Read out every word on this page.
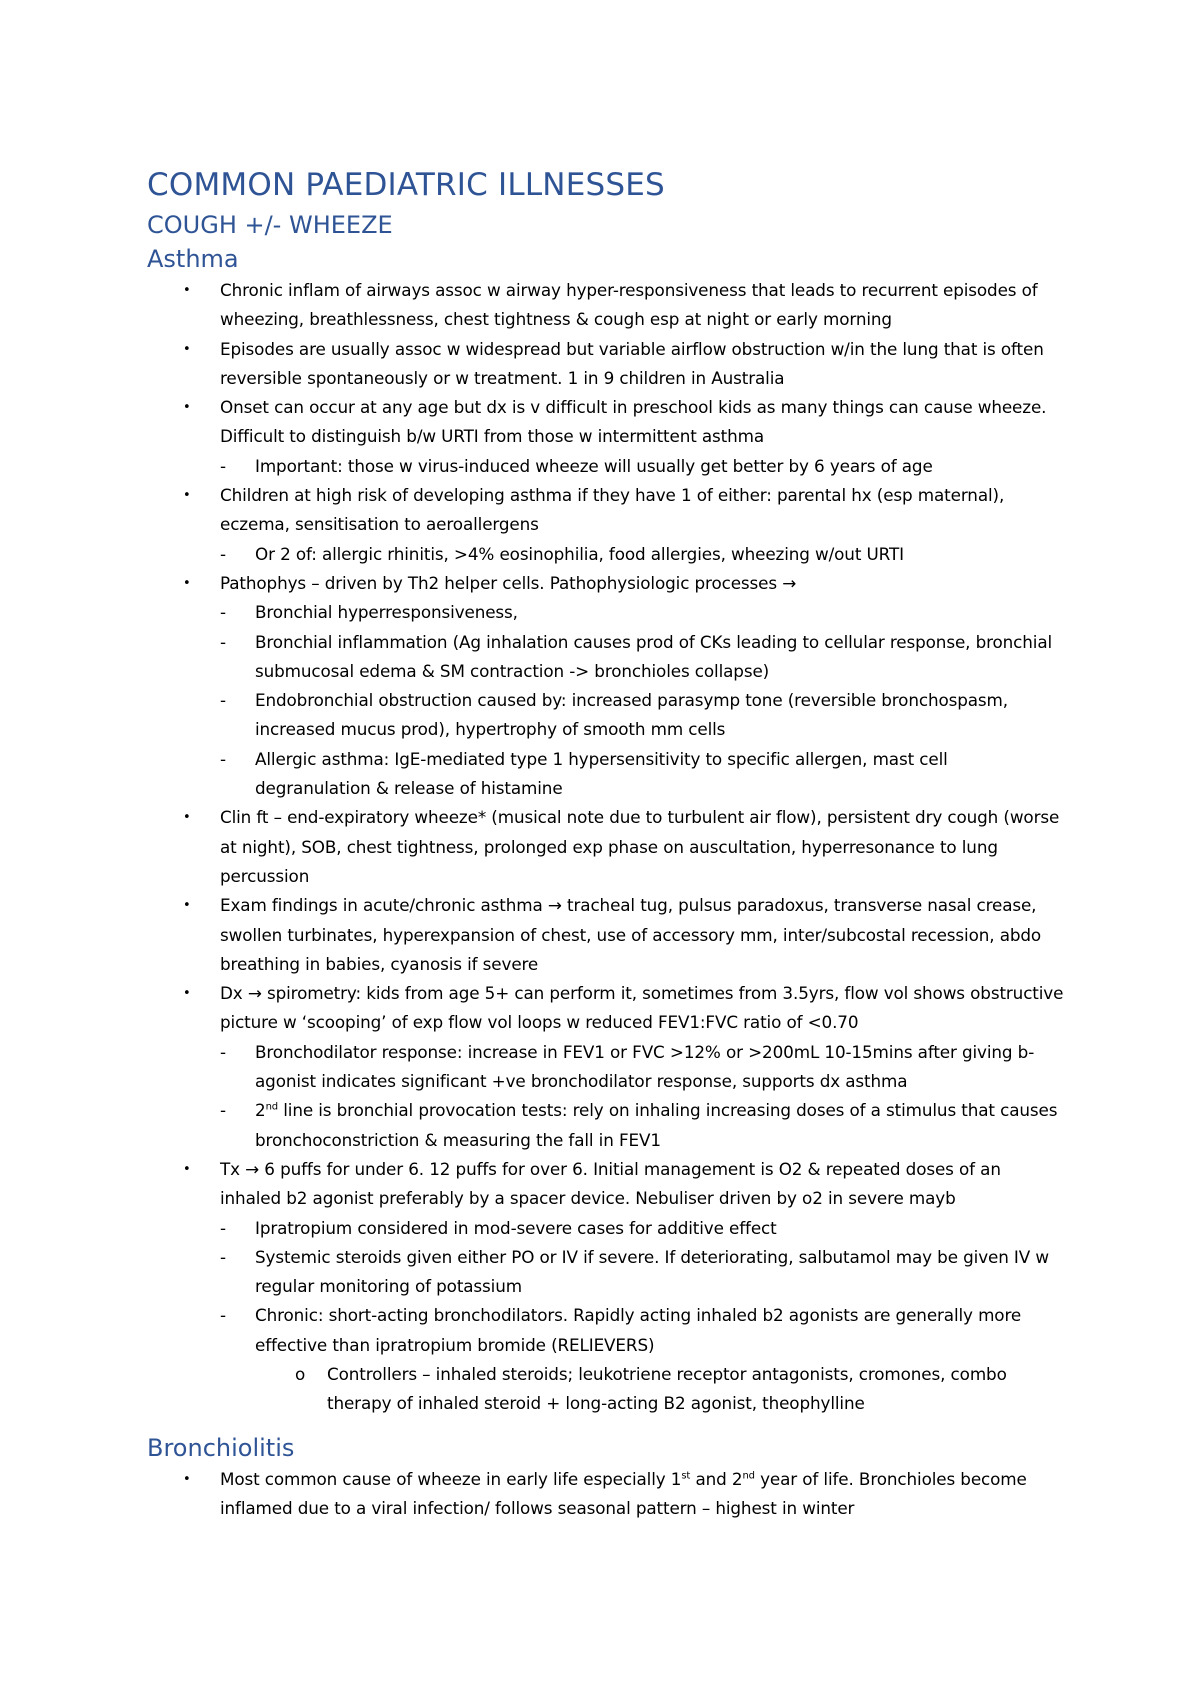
COMMON PAEDIATRIC ILLNESSES
COUGH +/- WHEEZE
Asthma
•	Chronic inflam of airways assoc w airway hyper-responsiveness that leads to recurrent episodes of wheezing, breathlessness, chest tightness & cough esp at night or early morning
•	Episodes are usually assoc w widespread but variable airflow obstruction w/in the lung that is often reversible spontaneously or w treatment. 1 in 9 children in Australia
•	Onset can occur at any age but dx is v difficult in preschool kids as many things can cause wheeze. Difficult to distinguish b/w URTI from those w intermittent asthma
- Important: those w virus-induced wheeze will usually get better by 6 years of age
•	Children at high risk of developing asthma if they have 1 of either: parental hx (esp maternal), eczema, sensitisation to aeroallergens
- Or 2 of: allergic rhinitis, >4% eosinophilia, food allergies, wheezing w/out URTI
•	Pathophys – driven by Th2 helper cells. Pathophysiologic processes →
- Bronchial hyperresponsiveness,
- Bronchial inflammation (Ag inhalation causes prod of CKs leading to cellular response, bronchial submucosal edema & SM contraction -> bronchioles collapse)
- Endobronchial obstruction caused by: increased parasymp tone (reversible bronchospasm, increased mucus prod), hypertrophy of smooth mm cells
- Allergic asthma: IgE-mediated type 1 hypersensitivity to specific allergen, mast cell degranulation & release of histamine
•	Clin ft – end-expiratory wheeze* (musical note due to turbulent air flow), persistent dry cough (worse at night), SOB, chest tightness, prolonged exp phase on auscultation, hyperresonance to lung percussion
•	Exam findings in acute/chronic asthma → tracheal tug, pulsus paradoxus, transverse nasal crease, swollen turbinates, hyperexpansion of chest, use of accessory mm, inter/subcostal recession, abdo breathing in babies, cyanosis if severe
•	Dx → spirometry: kids from age 5+ can perform it, sometimes from 3.5yrs, flow vol shows obstructive picture w ‘scooping’ of exp flow vol loops w reduced FEV1:FVC ratio of <0.70
- Bronchodilator response: increase in FEV1 or FVC >12% or >200mL 10-15mins after giving b-agonist indicates significant +ve bronchodilator response, supports dx asthma
- 2nd line is bronchial provocation tests: rely on inhaling increasing doses of a stimulus that causes bronchoconstriction & measuring the fall in FEV1
•	Tx → 6 puffs for under 6. 12 puffs for over 6. Initial management is O2 & repeated doses of an inhaled b2 agonist preferably by a spacer device. Nebuliser driven by o2 in severe mayb
- Ipratropium considered in mod-severe cases for additive effect
- Systemic steroids given either PO or IV if severe. If deteriorating, salbutamol may be given IV w regular monitoring of potassium
- Chronic: short-acting bronchodilators. Rapidly acting inhaled b2 agonists are generally more effective than ipratropium bromide (RELIEVERS)
o Controllers – inhaled steroids; leukotriene receptor antagonists, cromones, combo therapy of inhaled steroid + long-acting B2 agonist, theophylline
Bronchiolitis
•	Most common cause of wheeze in early life especially 1st and 2nd year of life. Bronchioles become inflamed due to a viral infection/ follows seasonal pattern – highest in winter
